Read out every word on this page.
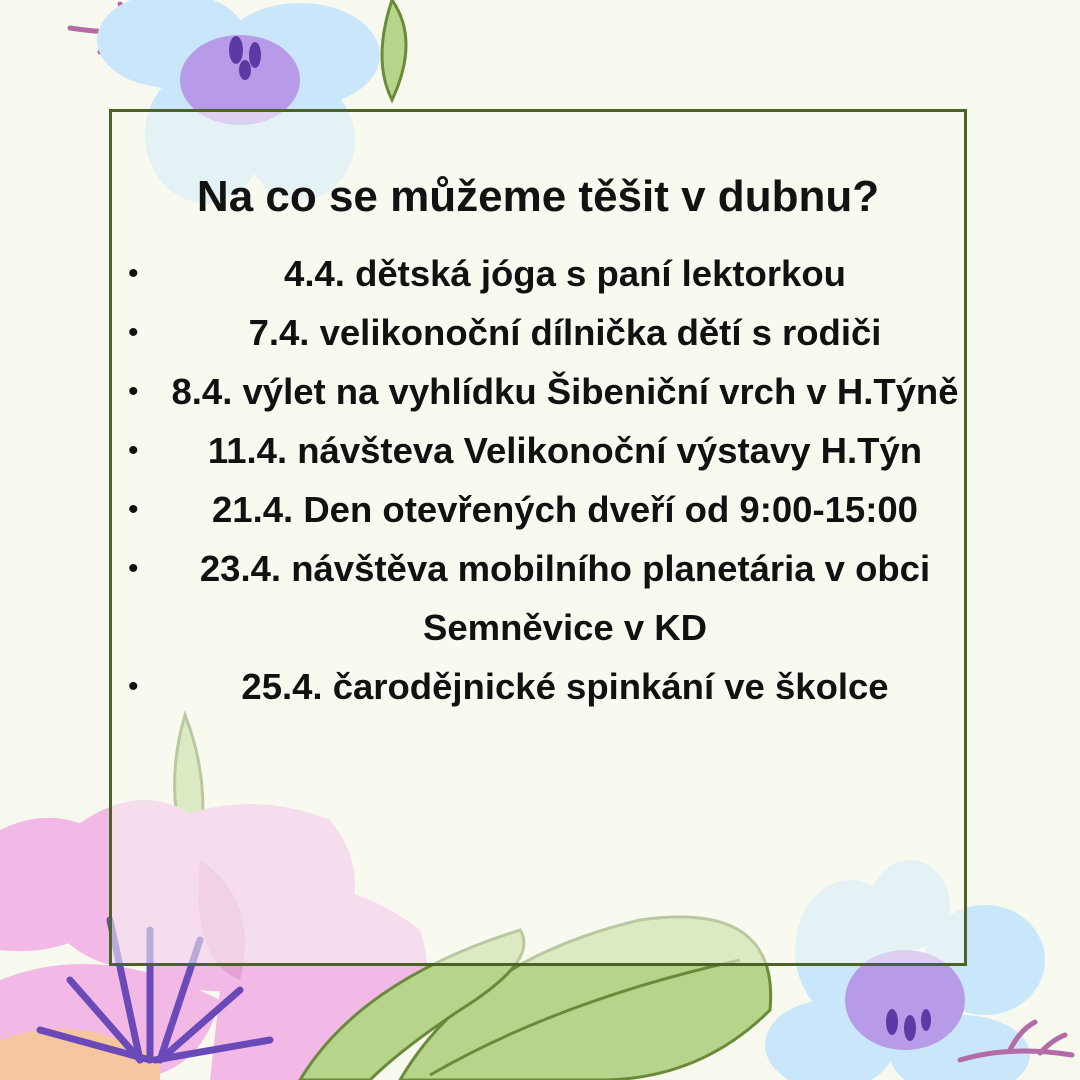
Na co se můžeme těšit v dubnu?
•	4.4. dětská jóga s paní lektorkou
•	7.4. velikonoční dílnička dětí s rodiči
• 8.4. výlet na vyhlídku Šibeniční vrch v H.Týně
•	11.4. návšteva Velikonoční výstavy H.Týn
•	21.4. Den otevřených dveří od 9:00-15:00
•	23.4. návštěva mobilního planetária v obci Semněvice v KD
•	25.4. čarodějnické spinkání ve školce
